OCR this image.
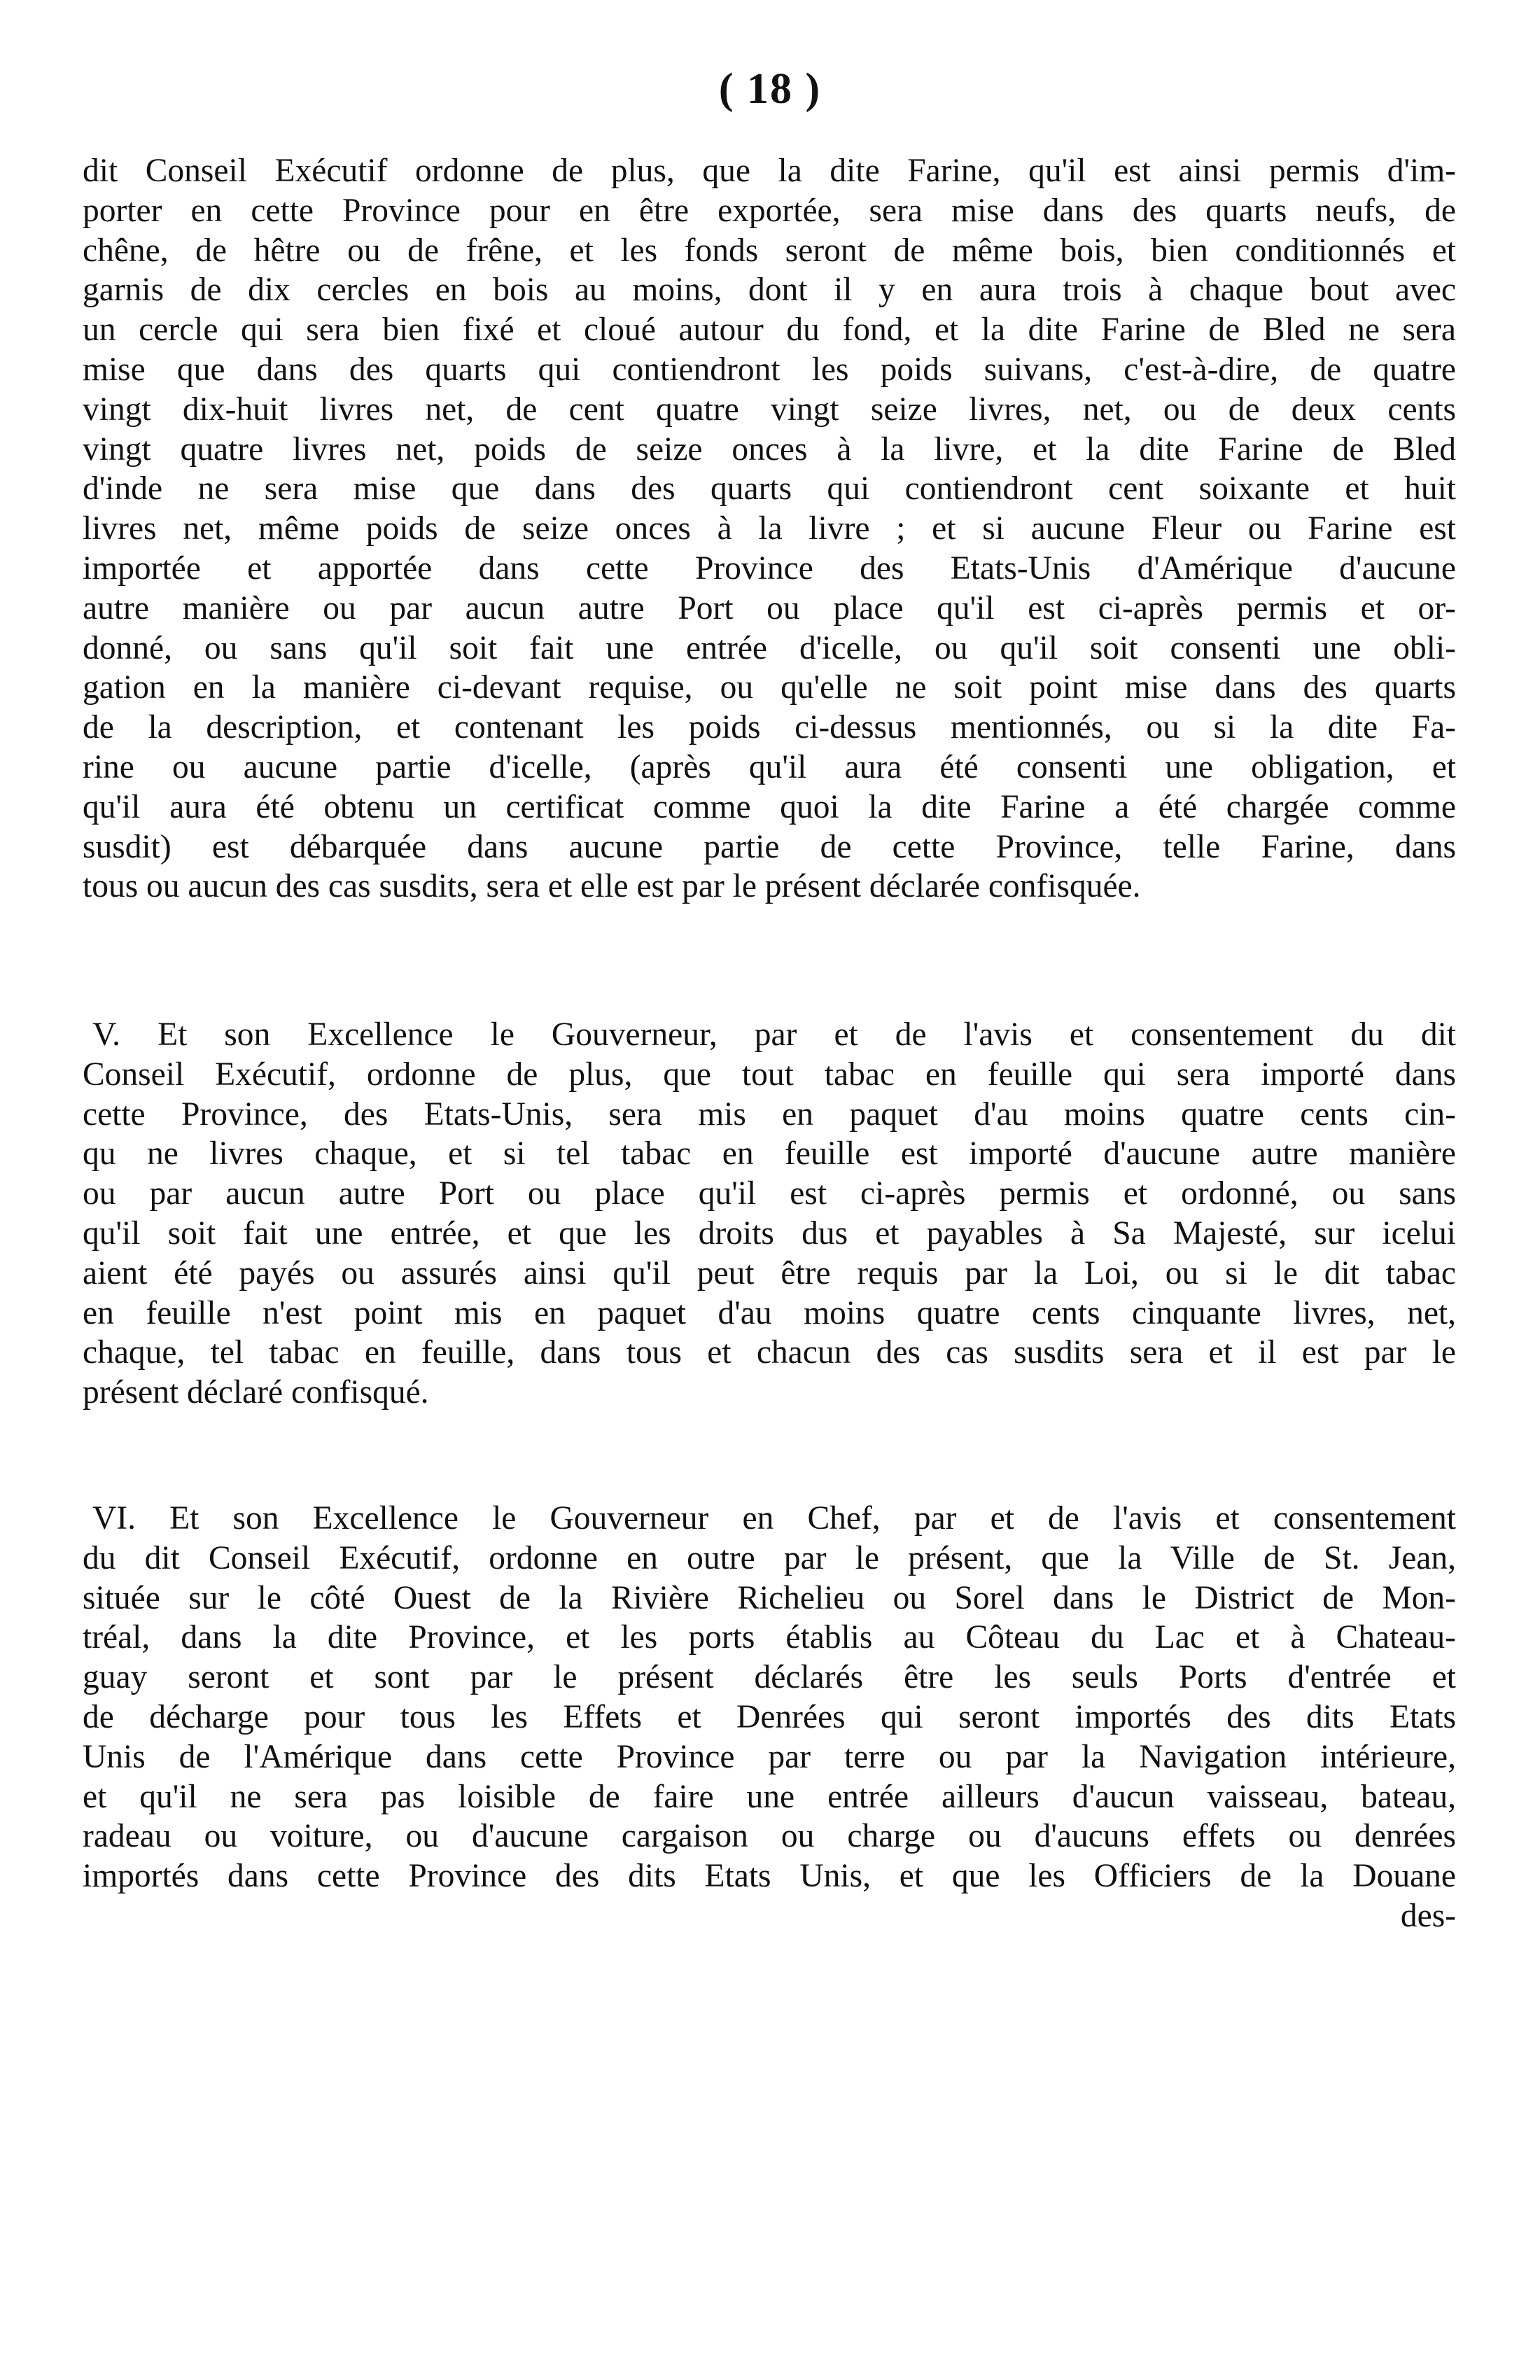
( 18 )
dit Conseil Exécutif ordonne de plus, que la dite Farine, qu'il est ainsi permis d'im-
porter en cette Province pour en être exportée, sera mise dans des quarts neufs, de
chêne, de hêtre ou de frêne, et les fonds seront de même bois, bien conditionnés et
garnis de dix cercles en bois au moins, dont il y en aura trois à chaque bout avec
un cercle qui sera bien fixé et cloué autour du fond, et la dite Farine de Bled ne sera
mise que dans des quarts qui contiendront les poids suivans, c'est-à-dire, de quatre
vingt dix-huit livres net, de cent quatre vingt seize livres, net, ou de deux cents
vingt quatre livres net, poids de seize onces à la livre, et la dite Farine de Bled
d'inde ne sera mise que dans des quarts qui contiendront cent soixante et huit
livres net, même poids de seize onces à la livre ; et si aucune Fleur ou Farine est
importée et apportée dans cette Province des Etats-Unis d'Amérique d'aucune
autre manière ou par aucun autre Port ou place qu'il est ci-après permis et or-
donné, ou sans qu'il soit fait une entrée d'icelle, ou qu'il soit consenti une obli-
gation en la manière ci-devant requise, ou qu'elle ne soit point mise dans des quarts
de la description, et contenant les poids ci-dessus mentionnés, ou si la dite Fa-
rine ou aucune partie d'icelle, (après qu'il aura été consenti une obligation, et
qu'il aura été obtenu un certificat comme quoi la dite Farine a été chargée comme
susdit) est débarquée dans aucune partie de cette Province, telle Farine, dans
tous ou aucun des cas susdits, sera et elle est par le présent déclarée confisquée.
V. Et son Excellence le Gouverneur, par et de l'avis et consentement du dit
Conseil Exécutif, ordonne de plus, que tout tabac en feuille qui sera importé dans
cette Province, des Etats-Unis, sera mis en paquet d'au moins quatre cents cin-
qu ne livres chaque, et si tel tabac en feuille est importé d'aucune autre manière
ou par aucun autre Port ou place qu'il est ci-après permis et ordonné, ou sans
qu'il soit fait une entrée, et que les droits dus et payables à Sa Majesté, sur icelui
aient été payés ou assurés ainsi qu'il peut être requis par la Loi, ou si le dit tabac
en feuille n'est point mis en paquet d'au moins quatre cents cinquante livres, net,
chaque, tel tabac en feuille, dans tous et chacun des cas susdits sera et il est par le
présent déclaré confisqué.
VI. Et son Excellence le Gouverneur en Chef, par et de l'avis et consentement
du dit Conseil Exécutif, ordonne en outre par le présent, que la Ville de St. Jean,
située sur le côté Ouest de la Rivière Richelieu ou Sorel dans le District de Mon-
tréal, dans la dite Province, et les ports établis au Côteau du Lac et à Chateau-
guay seront et sont par le présent déclarés être les seuls Ports d'entrée et
de décharge pour tous les Effets et Denrées qui seront importés des dits Etats
Unis de l'Amérique dans cette Province par terre ou par la Navigation intérieure,
et qu'il ne sera pas loisible de faire une entrée ailleurs d'aucun vaisseau, bateau,
radeau ou voiture, ou d'aucune cargaison ou charge ou d'aucuns effets ou denrées
importés dans cette Province des dits Etats Unis, et que les Officiers de la Douane
des-
